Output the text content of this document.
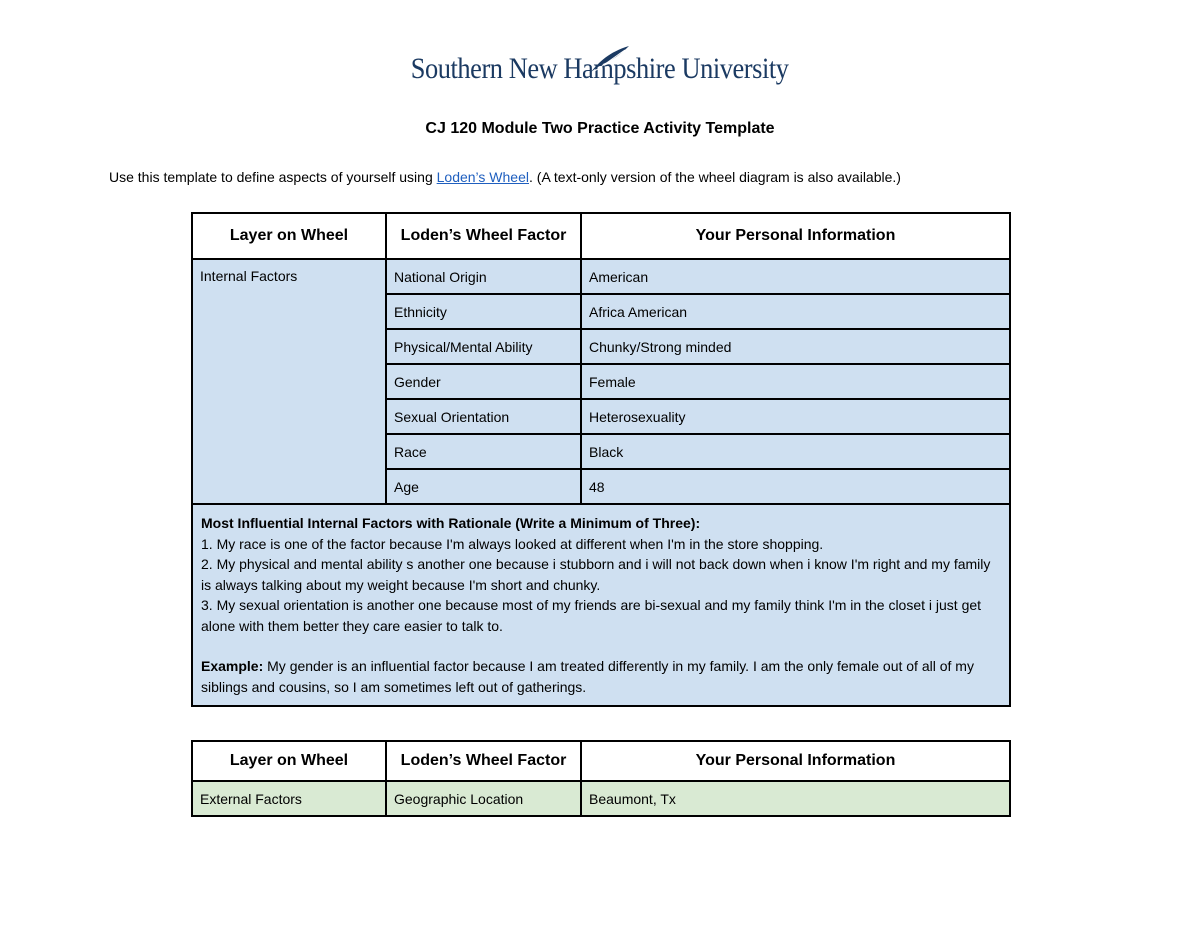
Southern New Hampshire University
CJ 120 Module Two Practice Activity Template
Use this template to define aspects of yourself using Loden’s Wheel. (A text-only version of the wheel diagram is also available.)
Layer on Wheel	Loden’s Wheel Factor	Your Personal Information
Internal Factors	National Origin	American
	Ethnicity	Africa American
	Physical/Mental Ability	Chunky/Strong minded
	Gender	Female
	Sexual Orientation	Heterosexuality
	Race	Black
	Age	48

Most Influential Internal Factors with Rationale (Write a Minimum of Three):
1. My race is one of the factor because I'm always looked at different when I'm in the store shopping.
2. My physical and mental ability s another one because i stubborn and i will not back down when i know I'm right and my family is always talking about my weight because I'm short and chunky.
3. My sexual orientation is another one because most of my friends are bi-sexual and my family think I'm in the closet i just get alone with them better they care easier to talk to.
Example: My gender is an influential factor because I am treated differently in my family. I am the only female out of all of my siblings and cousins, so I am sometimes left out of gatherings.		
Layer on Wheel	Loden’s Wheel Factor	Your Personal Information
External Factors	Geographic Location	Beaumont, Tx
